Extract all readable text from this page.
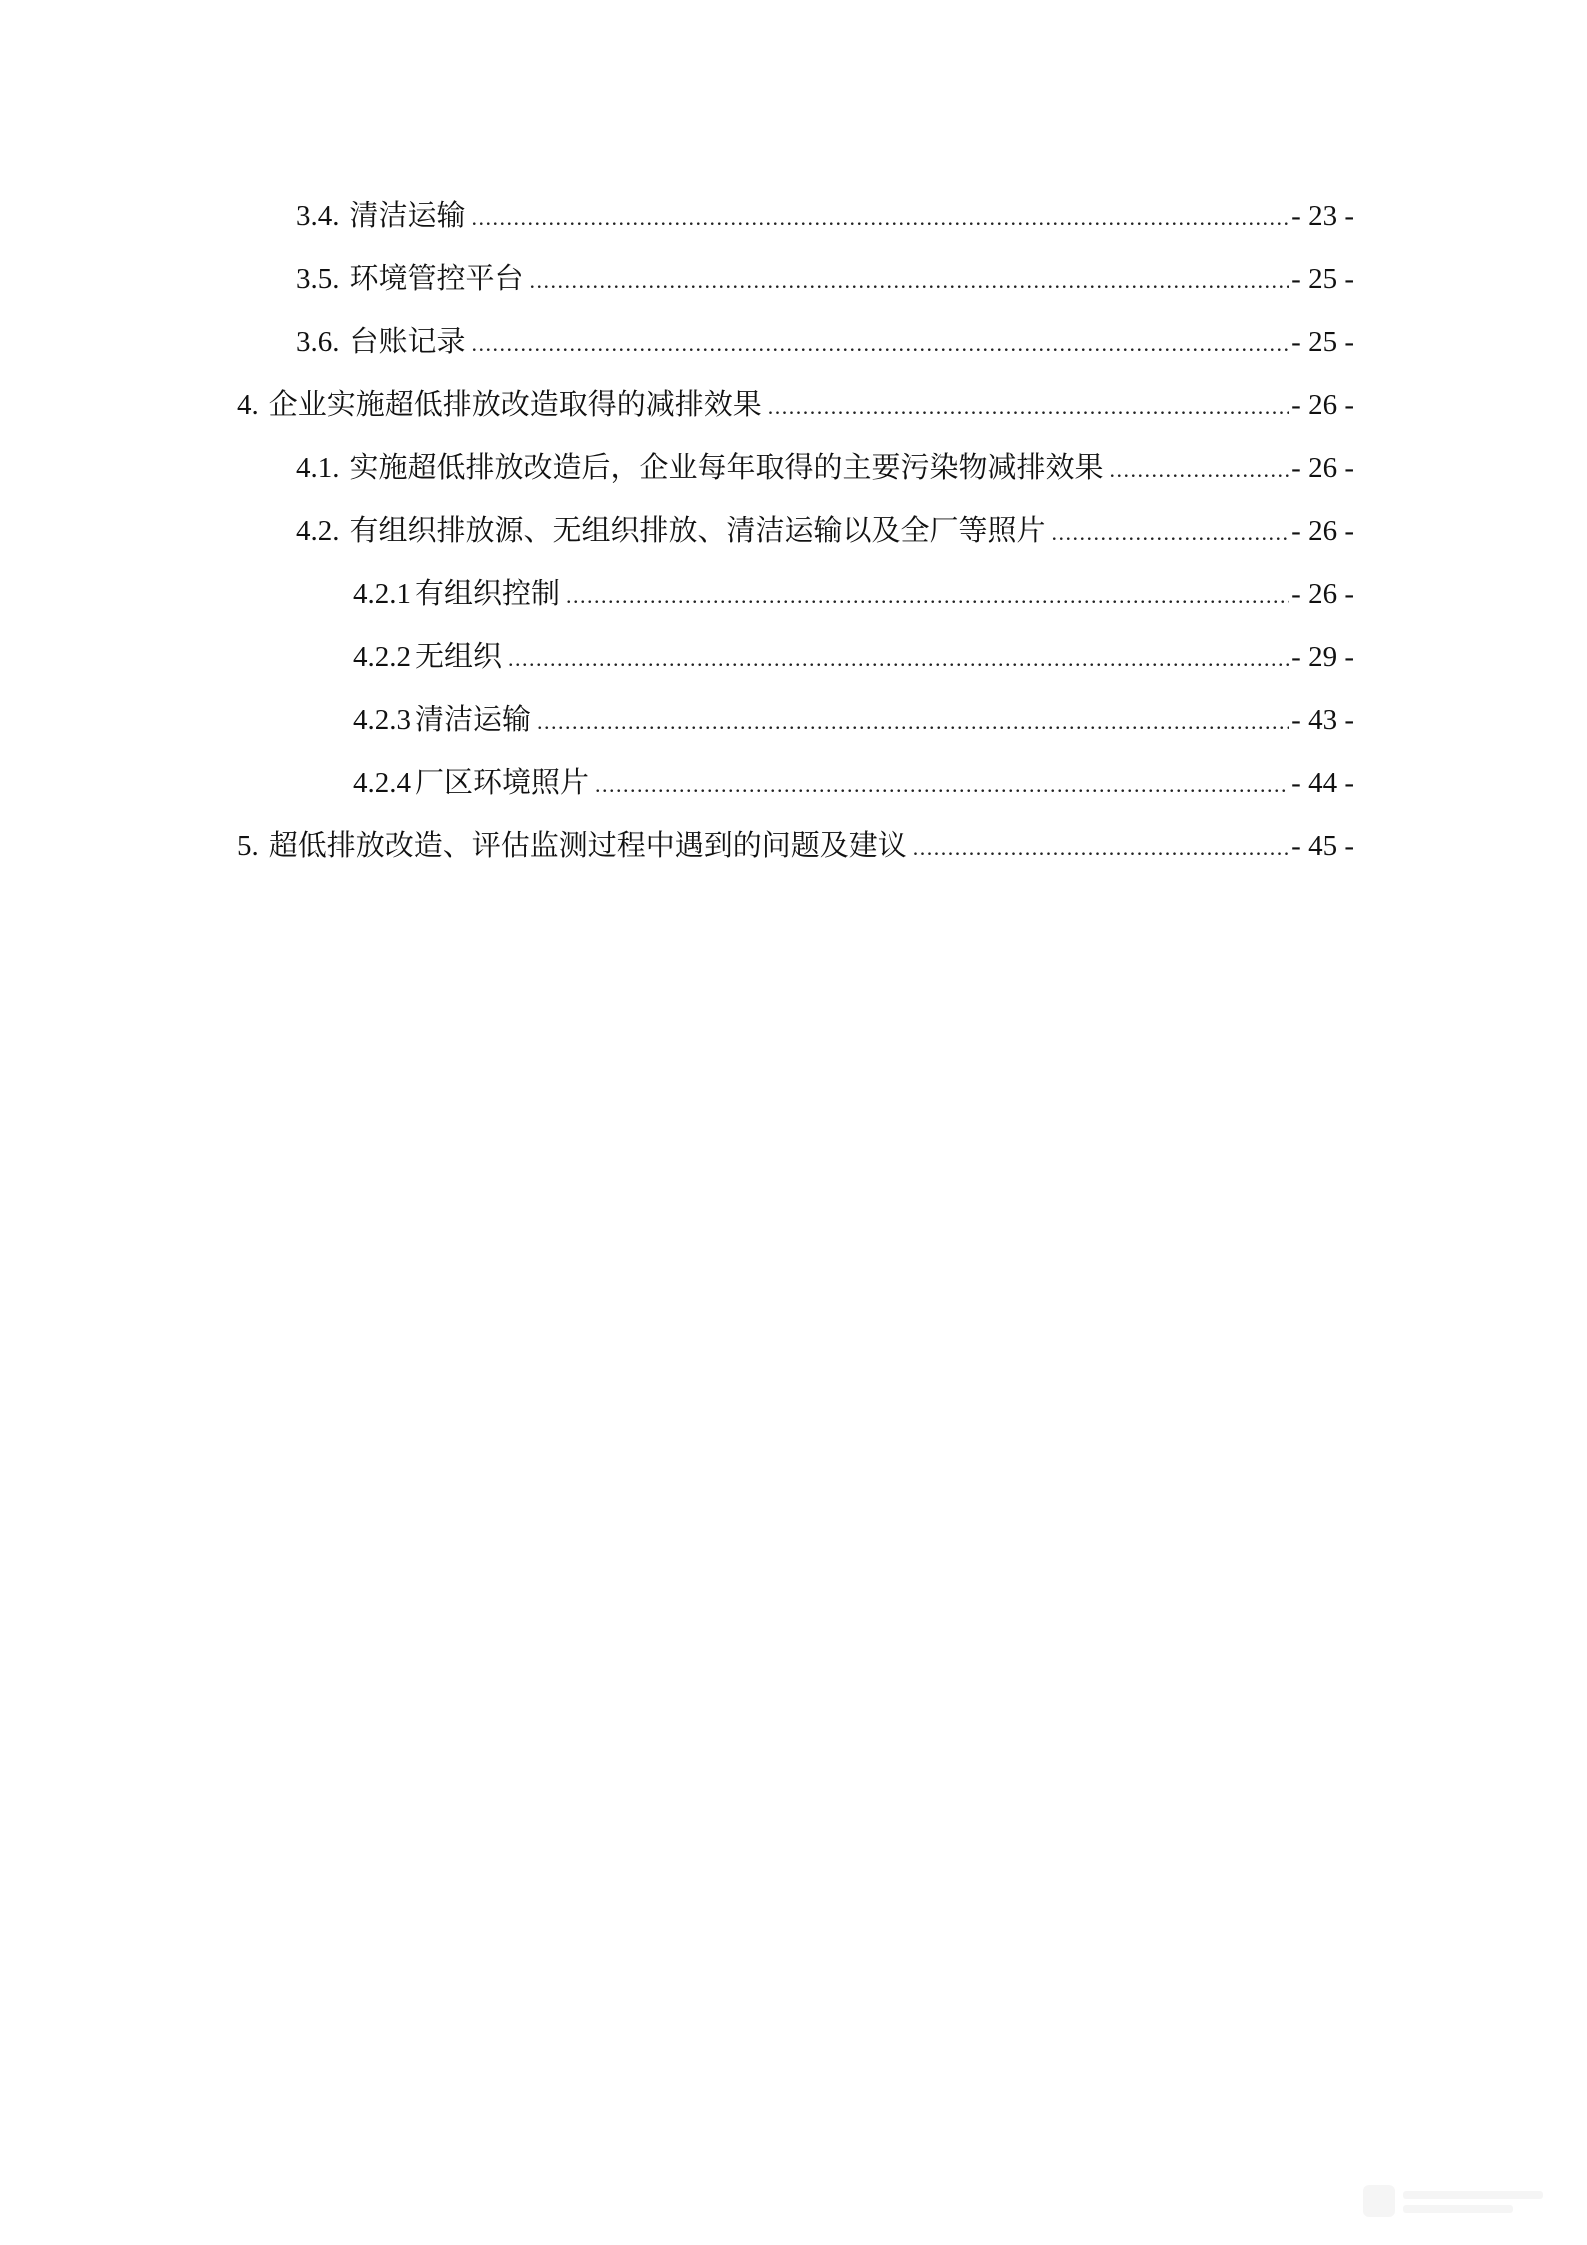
3.4. 清洁运输 .....	- 23 -
3.5. 环境管控平台 .....	- 25 -
3.6. 台账记录 .....	- 25 -
4. 企业实施超低排放改造取得的减排效果 .....	- 26 -
4.1. 实施超低排放改造后，企业每年取得的主要污染物减排效果 .....	- 26 -
4.2. 有组织排放源、无组织排放、清洁运输以及全厂等照片 .....	- 26 -
4.2.1 有组织控制 .....	- 26 -
4.2.2 无组织 .....	- 29 -
4.2.3 清洁运输 .....	- 43 -
4.2.4 厂区环境照片 .....	- 44 -
5. 超低排放改造、评估监测过程中遇到的问题及建议 .....	- 45 -
